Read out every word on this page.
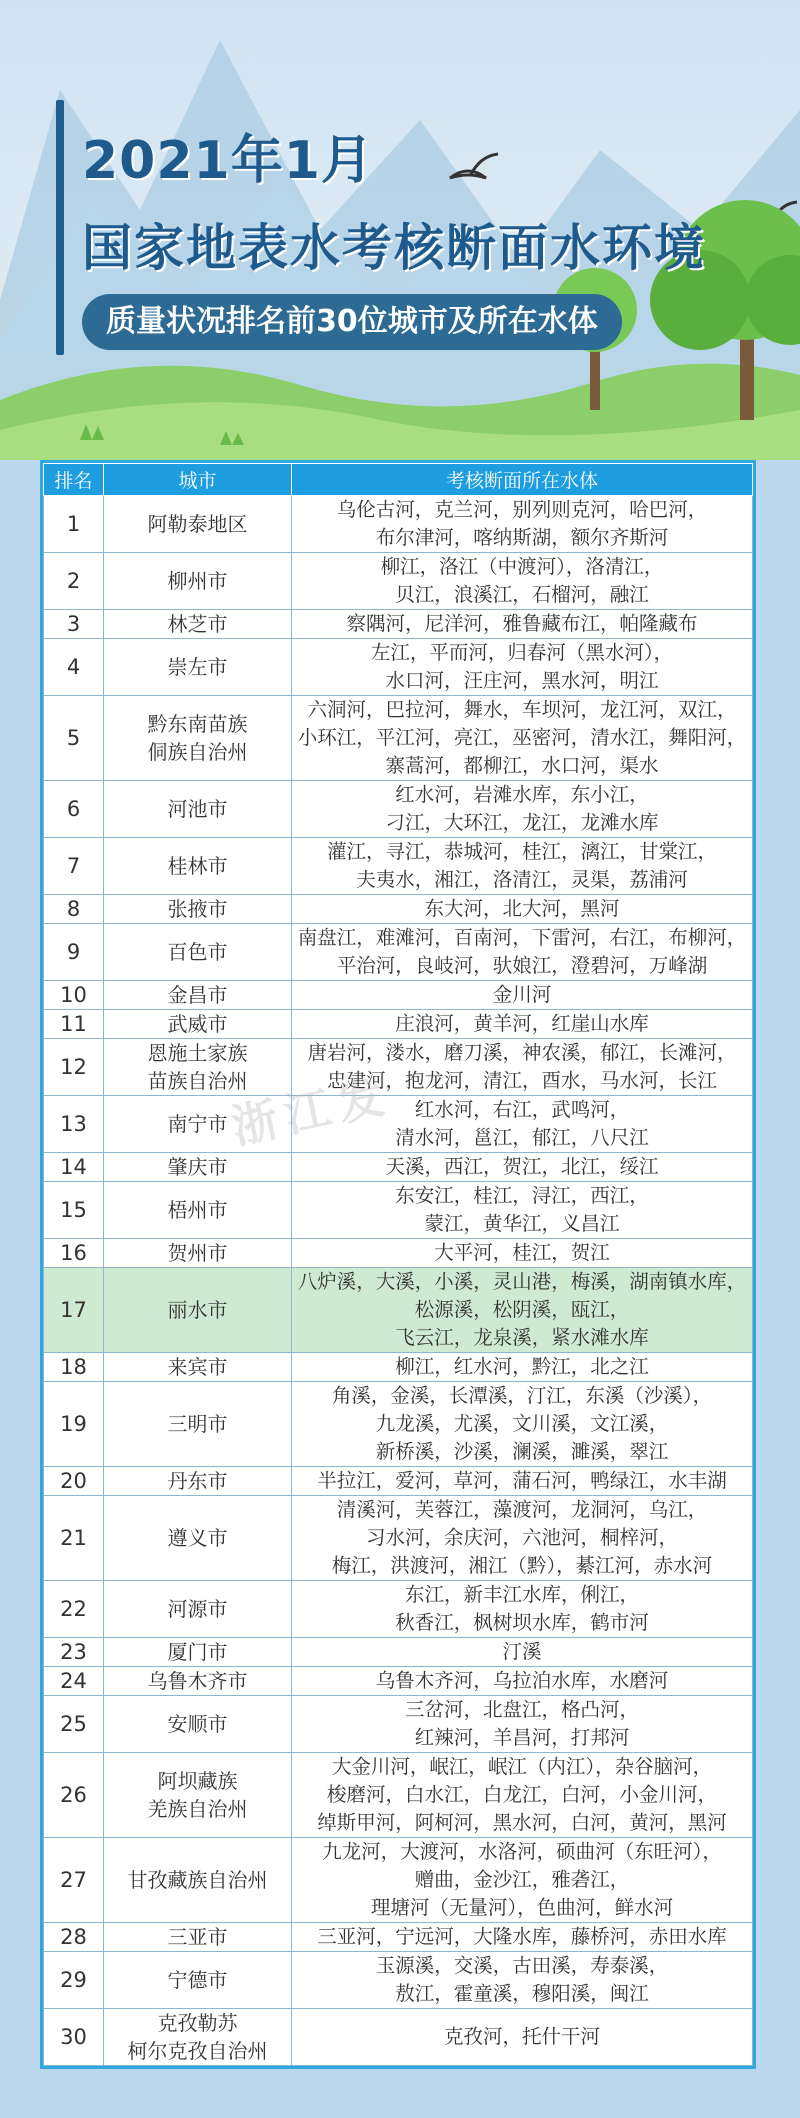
2021年1月
国家地表水考核断面水环境
质量状况排名前30位城市及所在水体
排名	城市	考核断面所在水体
1	阿勒泰地区	乌伦古河，克兰河，别列则克河，哈巴河，
布尔津河，喀纳斯湖，额尔齐斯河
2	柳州市	柳江，洛江（中渡河），洛清江，
贝江，浪溪江，石榴河，融江
3	林芝市	察隅河，尼洋河，雅鲁藏布江，帕隆藏布
4	崇左市	左江，平而河，归春河（黑水河），
水口河，汪庄河，黑水河，明江
5	黔东南苗族
侗族自治州	六洞河，巴拉河，舞水，车坝河，龙江河，双江，
小环江，平江河，亮江，巫密河，清水江，舞阳河，
寨蒿河，都柳江，水口河，渠水
6	河池市	红水河，岩滩水库，东小江，
刁江，大环江，龙江，龙滩水库
7	桂林市	灌江，寻江，恭城河，桂江，漓江，甘棠江，
夫夷水，湘江，洛清江，灵渠，荔浦河
8	张掖市	东大河，北大河，黑河
9	百色市	南盘江，难滩河，百南河，下雷河，右江，布柳河，
平治河，良岐河，驮娘江，澄碧河，万峰湖
10	金昌市	金川河
11	武威市	庄浪河，黄羊河，红崖山水库
12	恩施土家族
苗族自治州	唐岩河，溇水，磨刀溪，神农溪，郁江，长滩河，
忠建河，抱龙河，清江，酉水，马水河，长江
13	南宁市	红水河，右江，武鸣河，
清水河，邕江，郁江，八尺江
14	肇庆市	天溪，西江，贺江，北江，绥江
15	梧州市	东安江，桂江，浔江，西江，
蒙江，黄华江，义昌江
16	贺州市	大平河，桂江，贺江
17	丽水市	八炉溪，大溪，小溪，灵山港，梅溪，湖南镇水库，
松源溪，松阴溪，瓯江，
飞云江，龙泉溪，紧水滩水库
18	来宾市	柳江，红水河，黔江，北之江
19	三明市	角溪，金溪，长潭溪，汀江，东溪（沙溪），
九龙溪，尤溪，文川溪，文江溪，
新桥溪，沙溪，澜溪，濉溪，翠江
20	丹东市	半拉江，爱河，草河，蒲石河，鸭绿江，水丰湖
21	遵义市	清溪河，芙蓉江，藻渡河，龙洞河，乌江，
习水河，余庆河，六池河，桐梓河，
梅江，洪渡河，湘江（黔），綦江河，赤水河
22	河源市	东江，新丰江水库，俐江，
秋香江，枫树坝水库，鹤市河
23	厦门市	汀溪
24	乌鲁木齐市	乌鲁木齐河，乌拉泊水库，水磨河
25	安顺市	三岔河，北盘江，格凸河，
红辣河，羊昌河，打邦河
26	阿坝藏族
羌族自治州	大金川河，岷江，岷江（内江），杂谷脑河，
梭磨河，白水江，白龙江，白河，小金川河，
绰斯甲河，阿柯河，黑水河，白河，黄河，黑河
27	甘孜藏族自治州	九龙河，大渡河，水洛河，硕曲河（东旺河），
赠曲，金沙江，雅砻江，
理塘河（无量河），色曲河，鲜水河
28	三亚市	三亚河，宁远河，大隆水库，藤桥河，赤田水库
29	宁德市	玉源溪，交溪，古田溪，寿泰溪，
敖江，霍童溪，穆阳溪，闽江
30	克孜勒苏
柯尔克孜自治州	克孜河，托什干河
浙江发
